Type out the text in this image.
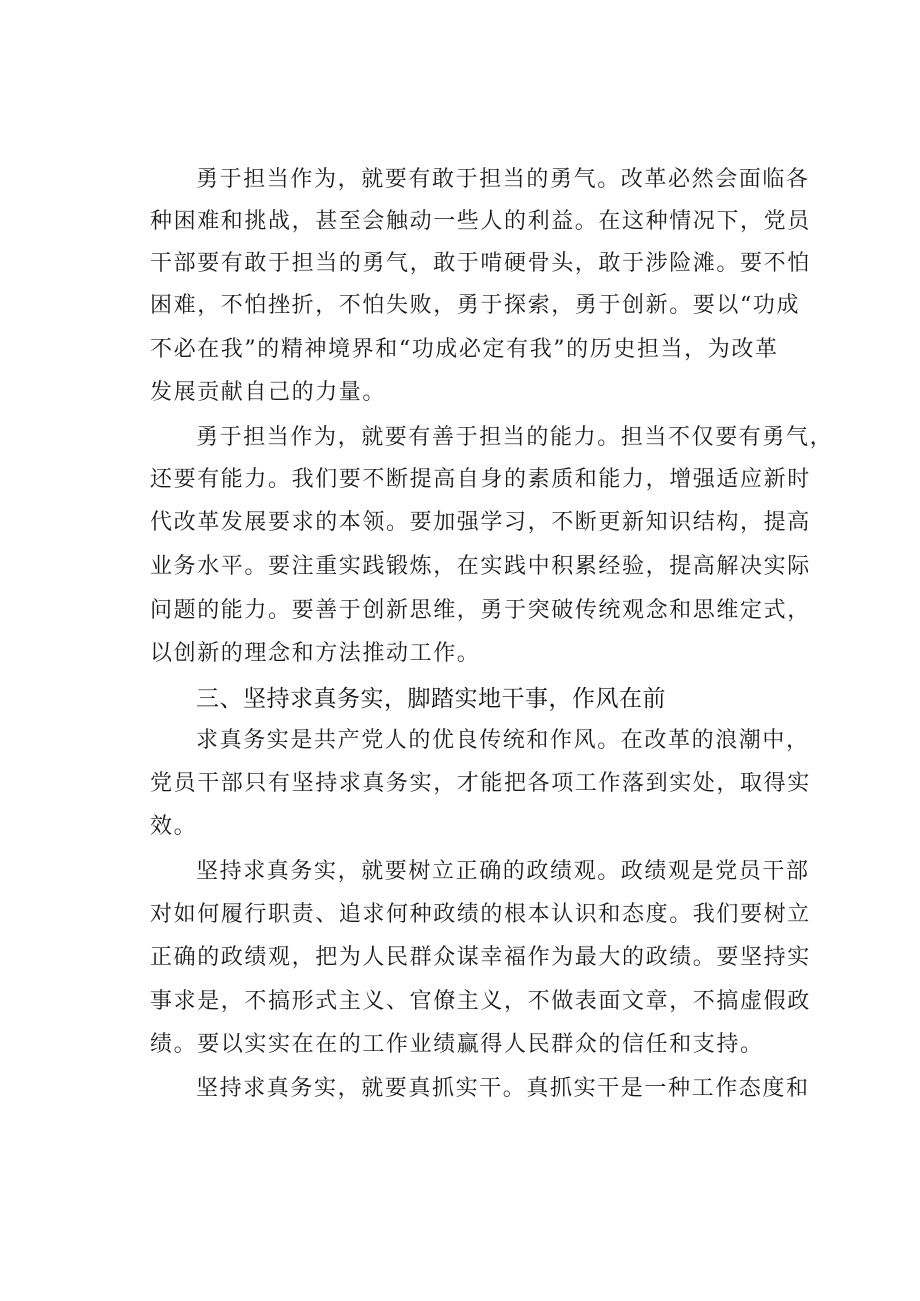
勇于担当作为，就要有敢于担当的勇气。改革必然会面临各
种困难和挑战，甚至会触动一些人的利益。在这种情况下，党员
干部要有敢于担当的勇气，敢于啃硬骨头，敢于涉险滩。要不怕
困难，不怕挫折，不怕失败，勇于探索，勇于创新。要以“功成
不必在我”的精神境界和“功成必定有我”的历史担当，为改革
发展贡献自己的力量。
勇于担当作为，就要有善于担当的能力。担当不仅要有勇气，
还要有能力。我们要不断提高自身的素质和能力，增强适应新时
代改革发展要求的本领。要加强学习，不断更新知识结构，提高
业务水平。要注重实践锻炼，在实践中积累经验，提高解决实际
问题的能力。要善于创新思维，勇于突破传统观念和思维定式，
以创新的理念和方法推动工作。
三、坚持求真务实，脚踏实地干事，作风在前
求真务实是共产党人的优良传统和作风。在改革的浪潮中，
党员干部只有坚持求真务实，才能把各项工作落到实处，取得实
效。
坚持求真务实，就要树立正确的政绩观。政绩观是党员干部
对如何履行职责、追求何种政绩的根本认识和态度。我们要树立
正确的政绩观，把为人民群众谋幸福作为最大的政绩。要坚持实
事求是，不搞形式主义、官僚主义，不做表面文章，不搞虚假政
绩。要以实实在在的工作业绩赢得人民群众的信任和支持。
坚持求真务实，就要真抓实干。真抓实干是一种工作态度和
